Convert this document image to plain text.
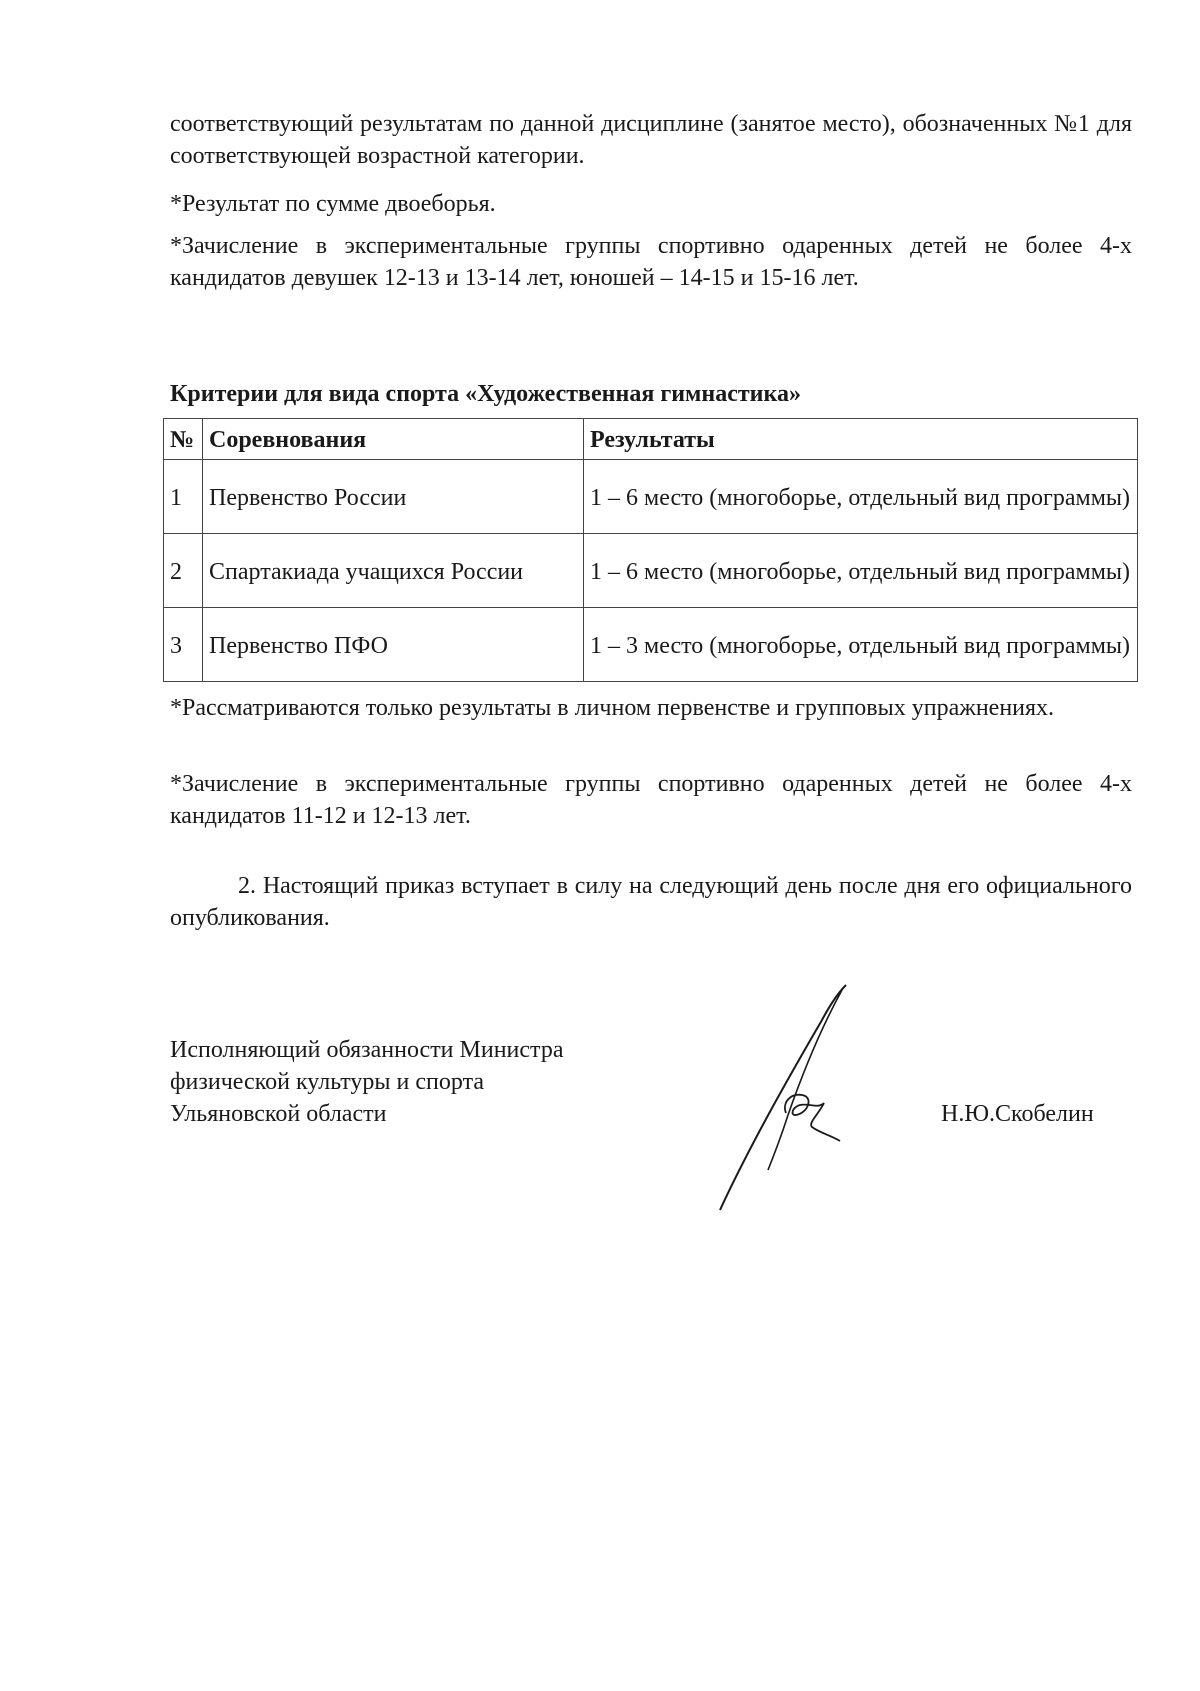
соответствующий результатам по данной дисциплине (занятое место), обозначенных №1 для соответствующей возрастной категории.

*Результат по сумме двоеборья.

*Зачисление в экспериментальные группы спортивно одаренных детей не более 4-х кандидатов девушек 12-13 и 13-14 лет, юношей – 14-15 и 15-16 лет.

Критерии для вида спорта «Художественная гимнастика»

№	Соревнования	Результаты
1	Первенство России	1 – 6 место (многоборье, отдельный вид программы)
2	Спартакиада учащихся России	1 – 6 место (многоборье, отдельный вид программы)
3	Первенство ПФО	1 – 3 место (многоборье, отдельный вид программы)

*Рассматриваются только результаты в личном первенстве и групповых упражнениях.

*Зачисление в экспериментальные группы спортивно одаренных детей не более 4-х кандидатов 11-12 и 12-13 лет.

2. Настоящий приказ вступает в силу на следующий день после дня его официального опубликования.

Исполняющий обязанности Министра
физической культуры и спорта
Ульяновской области	Н.Ю.Скобелин
